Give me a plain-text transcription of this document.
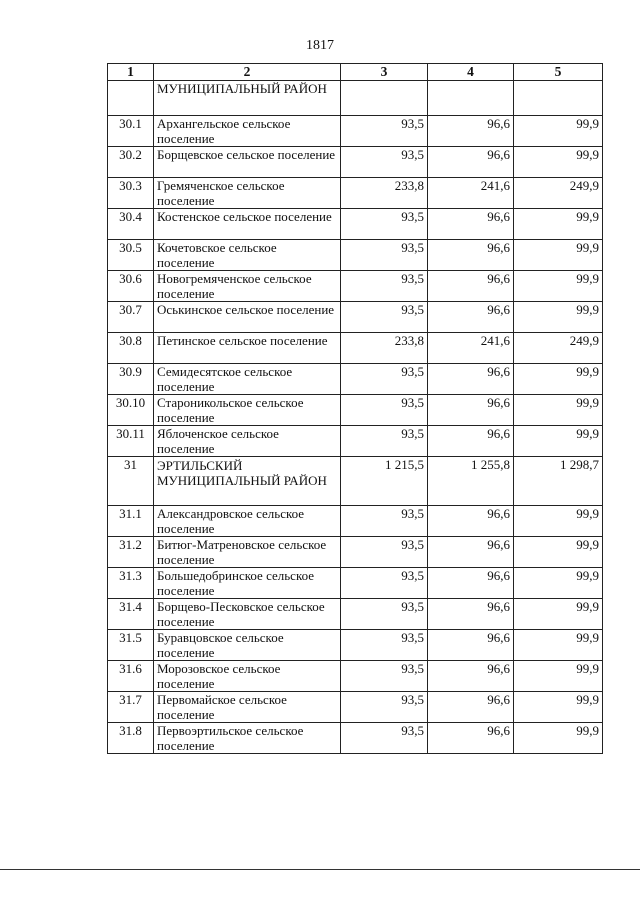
1817
1	2	3	4	5
	МУНИЦИПАЛЬНЫЙ РАЙОН			
30.1	Архангельское сельское поселение	93,5	96,6	99,9
30.2	Борщевское сельское поселение	93,5	96,6	99,9
30.3	Гремяченское сельское поселение	233,8	241,6	249,9
30.4	Костенское сельское поселение	93,5	96,6	99,9
30.5	Кочетовское сельское поселение	93,5	96,6	99,9
30.6	Новогремяченское сельское поселение	93,5	96,6	99,9
30.7	Оськинское сельское поселение	93,5	96,6	99,9
30.8	Петинское сельское поселение	233,8	241,6	249,9
30.9	Семидесятское сельское поселение	93,5	96,6	99,9
30.10	Староникольское сельское поселение	93,5	96,6	99,9
30.11	Яблоченское сельское поселение	93,5	96,6	99,9
31	ЭРТИЛЬСКИЙ МУНИЦИПАЛЬНЫЙ РАЙОН	1 215,5	1 255,8	1 298,7
31.1	Александровское сельское поселение	93,5	96,6	99,9
31.2	Битюг-Матреновское сельское поселение	93,5	96,6	99,9
31.3	Большедобринское сельское поселение	93,5	96,6	99,9
31.4	Борщево-Песковское сельское поселение	93,5	96,6	99,9
31.5	Буравцовское сельское поселение	93,5	96,6	99,9
31.6	Морозовское сельское поселение	93,5	96,6	99,9
31.7	Первомайское сельское поселение	93,5	96,6	99,9
31.8	Первоэртильское сельское поселение	93,5	96,6	99,9
